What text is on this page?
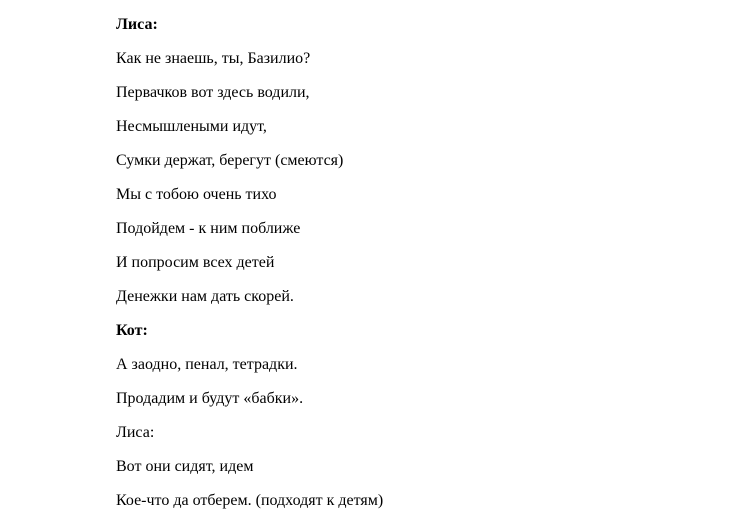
Лиса:
Как не знаешь, ты, Базилио?
Первачков вот здесь водили,
Несмышлеными идут,
Сумки держат, берегут (смеются)
Мы с тобою очень тихо
Подойдем - к ним поближе
И попросим всех детей
Денежки нам дать скорей.
Кот:
А заодно, пенал, тетрадки.
Продадим и будут «бабки».
Лиса:
Вот они сидят, идем
Кое-что да отберем. (подходят к детям)
